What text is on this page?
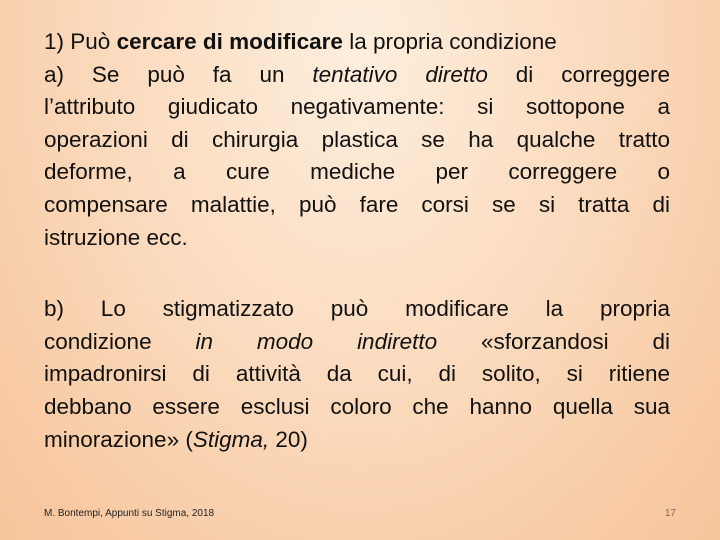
1) Può cercare di modificare la propria condizione
a) Se può fa un tentativo diretto di correggere
l’attributo giudicato negativamente: si sottopone a
operazioni di chirurgia plastica se ha qualche tratto
deforme, a cure mediche per correggere o
compensare malattie, può fare corsi se si tratta di
istruzione ecc.
b) Lo stigmatizzato può modificare la propria
condizione in modo indiretto «sforzandosi di
impadronirsi di attività da cui, di solito, si ritiene
debbano essere esclusi coloro che hanno quella sua
minorazione» (Stigma, 20)
M. Bontempi, Appunti su Stigma, 2018	17
